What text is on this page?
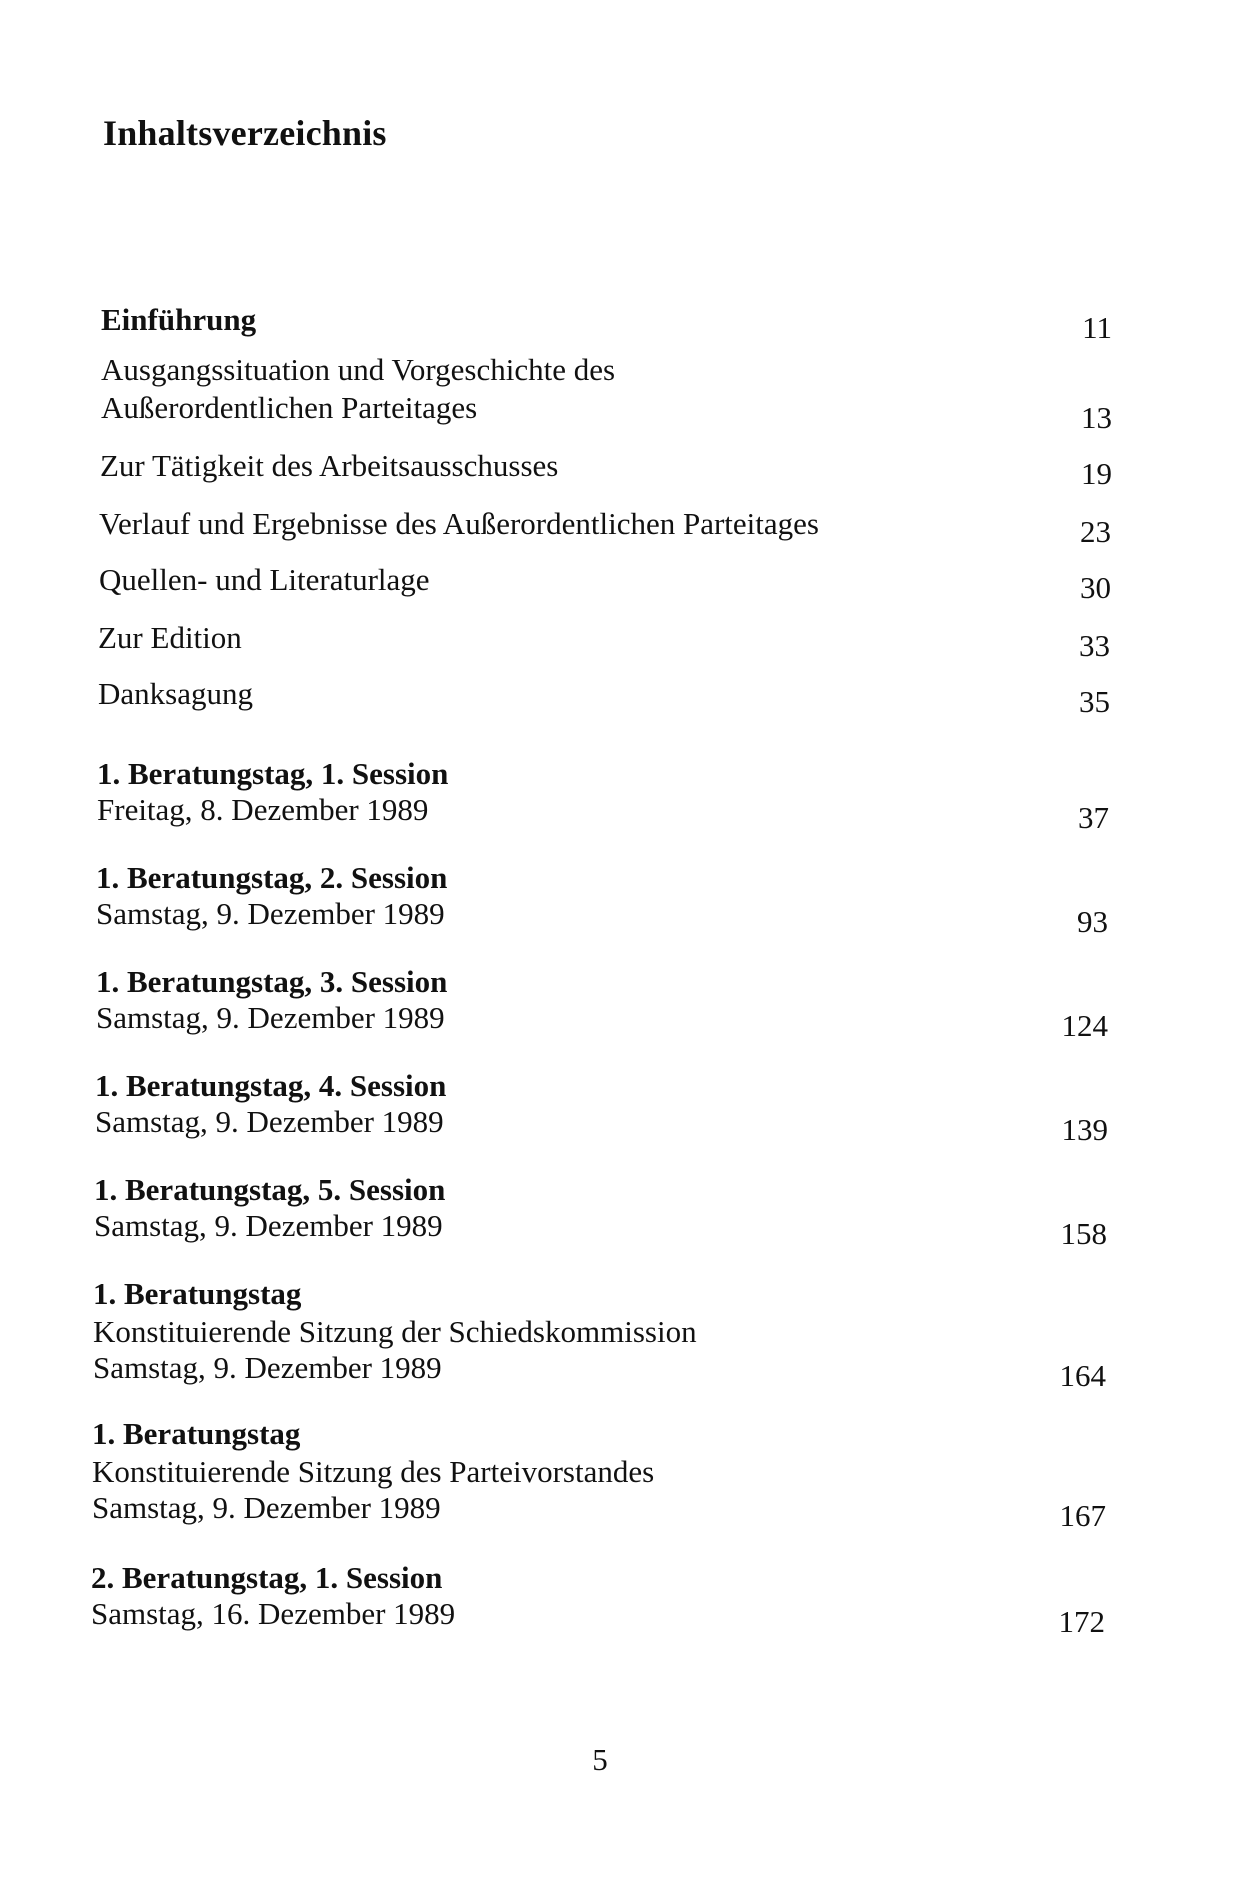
Inhaltsverzeichnis
Einführung	11
Ausgangssituation und Vorgeschichte des
Außerordentlichen Parteitages	13
Zur Tätigkeit des Arbeitsausschusses	19
Verlauf und Ergebnisse des Außerordentlichen Parteitages	23
Quellen- und Literaturlage	30
Zur Edition	33
Danksagung	35
1. Beratungstag, 1. Session
Freitag, 8. Dezember 1989	37
1. Beratungstag, 2. Session
Samstag, 9. Dezember 1989	93
1. Beratungstag, 3. Session
Samstag, 9. Dezember 1989	124
1. Beratungstag, 4. Session
Samstag, 9. Dezember 1989	139
1. Beratungstag, 5. Session
Samstag, 9. Dezember 1989	158
1. Beratungstag
Konstituierende Sitzung der Schiedskommission
Samstag, 9. Dezember 1989	164
1. Beratungstag
Konstituierende Sitzung des Parteivorstandes
Samstag, 9. Dezember 1989	167
2. Beratungstag, 1. Session
Samstag, 16. Dezember 1989	172
5
